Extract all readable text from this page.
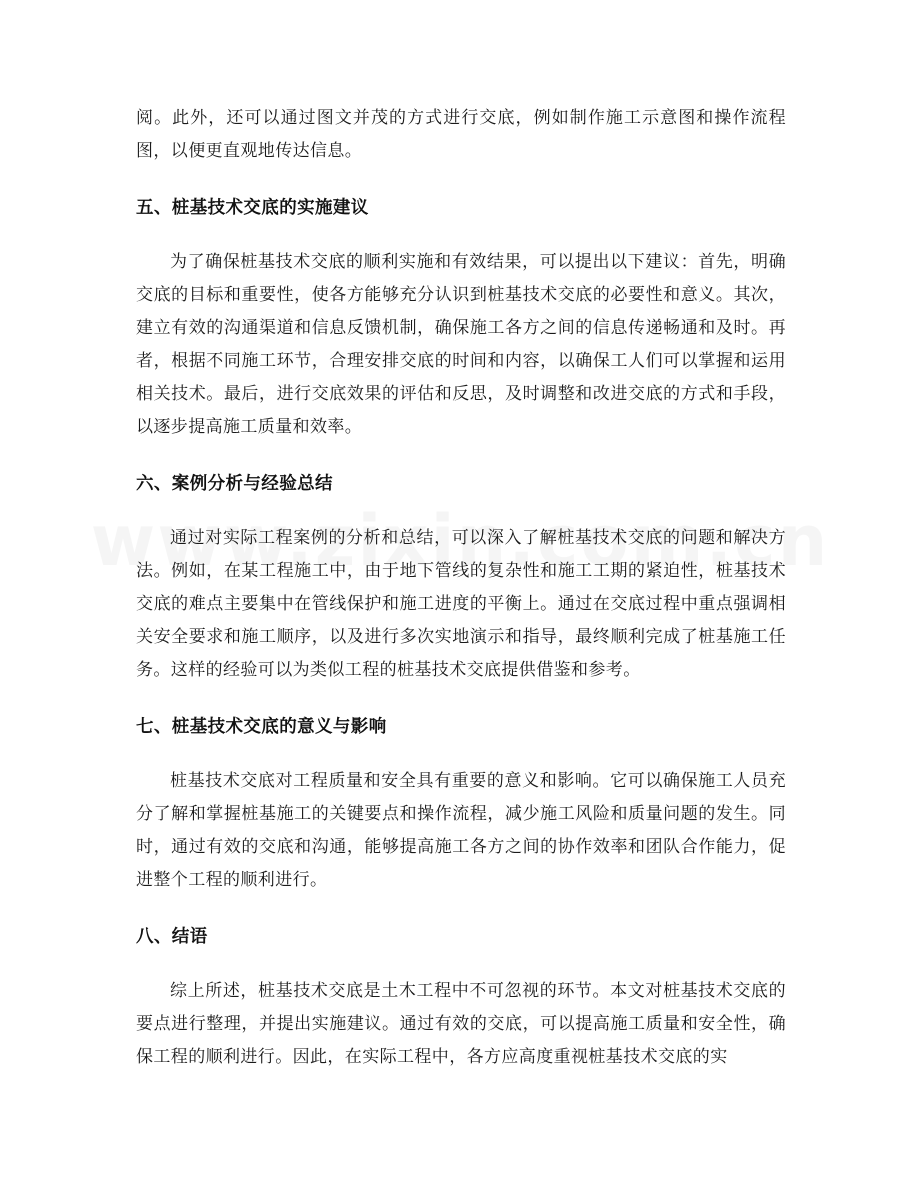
阅。此外，还可以通过图文并茂的方式进行交底，例如制作施工示意图和操作流程图，以便更直观地传达信息。

五、桩基技术交底的实施建议

为了确保桩基技术交底的顺利实施和有效结果，可以提出以下建议：首先，明确交底的目标和重要性，使各方能够充分认识到桩基技术交底的必要性和意义。其次，建立有效的沟通渠道和信息反馈机制，确保施工各方之间的信息传递畅通和及时。再者，根据不同施工环节，合理安排交底的时间和内容，以确保工人们可以掌握和运用相关技术。最后，进行交底效果的评估和反思，及时调整和改进交底的方式和手段，以逐步提高施工质量和效率。

六、案例分析与经验总结

通过对实际工程案例的分析和总结，可以深入了解桩基技术交底的问题和解决方法。例如，在某工程施工中，由于地下管线的复杂性和施工工期的紧迫性，桩基技术交底的难点主要集中在管线保护和施工进度的平衡上。通过在交底过程中重点强调相关安全要求和施工顺序，以及进行多次实地演示和指导，最终顺利完成了桩基施工任务。这样的经验可以为类似工程的桩基技术交底提供借鉴和参考。

七、桩基技术交底的意义与影响

桩基技术交底对工程质量和安全具有重要的意义和影响。它可以确保施工人员充分了解和掌握桩基施工的关键要点和操作流程，减少施工风险和质量问题的发生。同时，通过有效的交底和沟通，能够提高施工各方之间的协作效率和团队合作能力，促进整个工程的顺利进行。

八、结语

综上所述，桩基技术交底是土木工程中不可忽视的环节。本文对桩基技术交底的要点进行整理，并提出实施建议。通过有效的交底，可以提高施工质量和安全性，确保工程的顺利进行。因此，在实际工程中，各方应高度重视桩基技术交底的实
